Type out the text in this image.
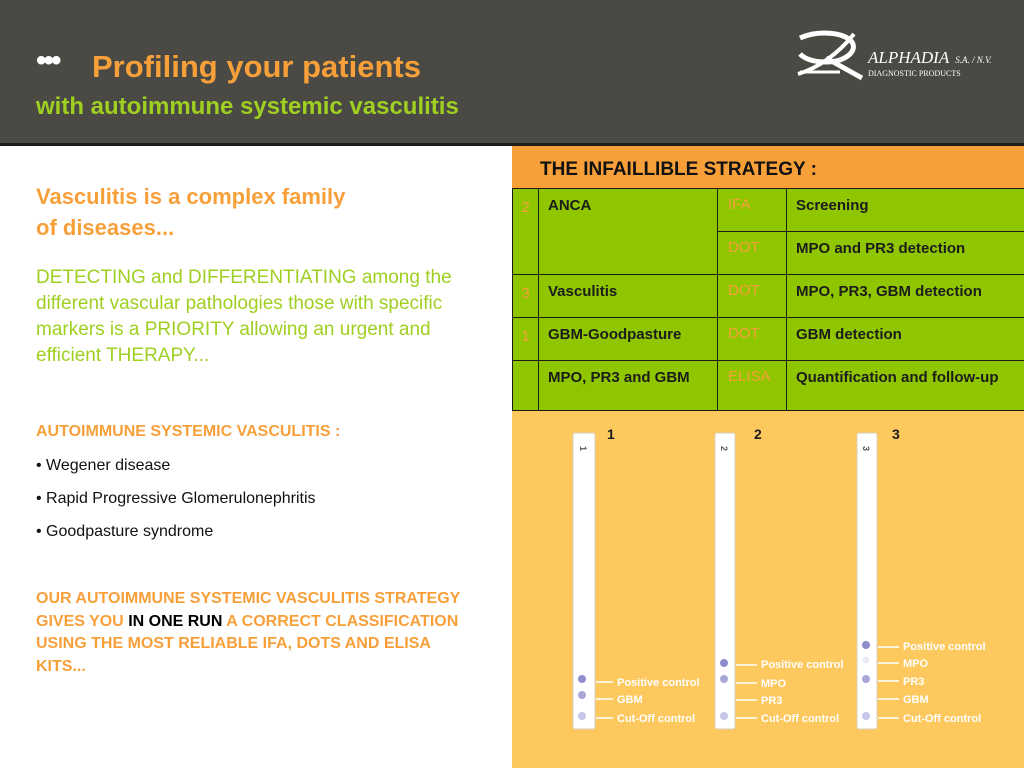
••• Profiling your patients
with autoimmune systemic vasculitis
ALPHADIA S.A. / N.V.
DIAGNOSTIC PRODUCTS
Vasculitis is a complex family
of diseases...
DETECTING and DIFFERENTIATING among the different vascular pathologies those with specific markers is a PRIORITY allowing an urgent and efficient THERAPY...
AUTOIMMUNE SYSTEMIC VASCULITIS :
• Wegener disease
• Rapid Progressive Glomerulonephritis
• Goodpasture syndrome
OUR AUTOIMMUNE SYSTEMIC VASCULITIS STRATEGY GIVES YOU IN ONE RUN A CORRECT CLASSIFICATION USING THE MOST RELIABLE IFA, DOTS AND ELISA KITS...
THE INFAILLIBLE STRATEGY :
2	ANCA	IFA	Screening
		DOT	MPO and PR3 detection
3	Vasculitis	DOT	MPO, PR3, GBM detection
1	GBM-Goodpasture	DOT	GBM detection
	MPO, PR3 and GBM	ELISA	Quantification and follow-up
1	2	3
1
Positive control
GBM
Cut-Off control
2
Positive control
MPO
PR3
Cut-Off control
3
Positive control
MPO
PR3
GBM
Cut-Off control
